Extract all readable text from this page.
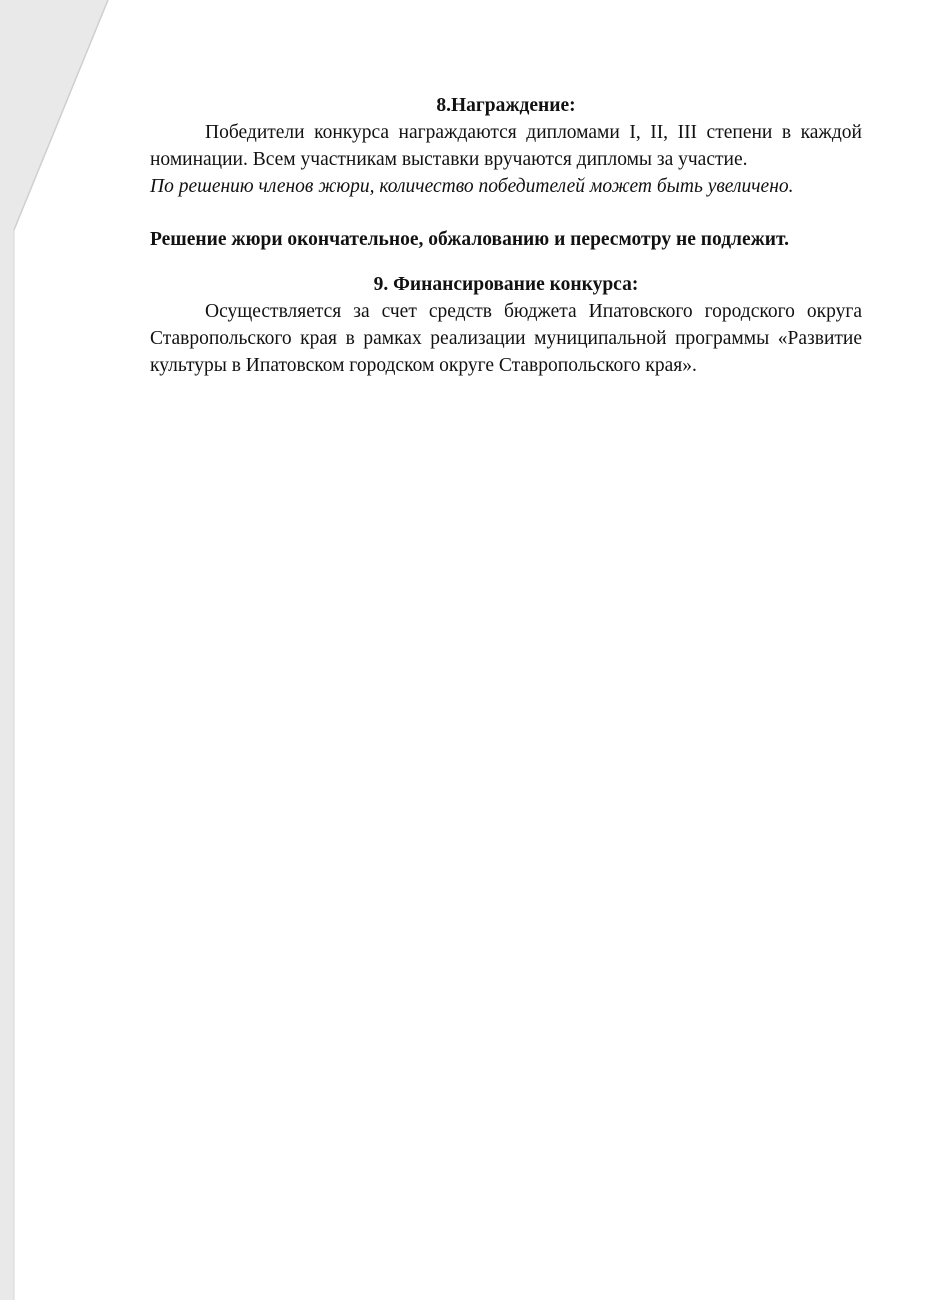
8.Награждение:

Победители конкурса награждаются дипломами I, II, III степени в каждой номинации. Всем участникам выставки вручаются дипломы за участие.

По решению членов жюри, количество победителей может быть увеличено.

Решение жюри окончательное, обжалованию и пересмотру не подлежит.

9. Финансирование конкурса:

Осуществляется за счет средств бюджета Ипатовского городского округа Ставропольского края в рамках реализации муниципальной программы «Развитие культуры в Ипатовском городском округе Ставропольского края».
